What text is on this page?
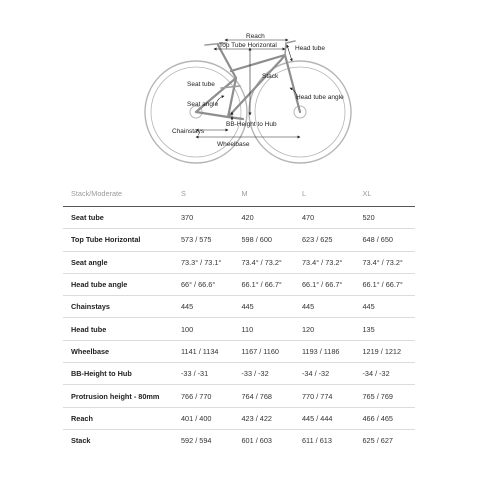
Reach
Top Tube Horizontal	Head tube
Stack
Seat tube
Seat angle
Head tube angle
BB-Height to Hub
Chainstays
Wheelbase
Stack/Moderate	S	M	L	XL
Seat tube	370	420	470	520
Top Tube Horizontal	573 / 575	598 / 600	623 / 625	648 / 650
Seat angle	73.3° / 73.1°	73.4° / 73.2°	73.4° / 73.2°	73.4° / 73.2°
Head tube angle	66° / 66.6°	66.1° / 66.7°	66.1° / 66.7°	66.1° / 66.7°
Chainstays	445	445	445	445
Head tube	100	110	120	135
Wheelbase	1141 / 1134	1167 / 1160	1193 / 1186	1219 / 1212
BB-Height to Hub	-33 / -31	-33 / -32	-34 / -32	-34 / -32
Protrusion height - 80mm	766 / 770	764 / 768	770 / 774	765 / 769
Reach	401 / 400	423 / 422	445 / 444	466 / 465
Stack	592 / 594	601 / 603	611 / 613	625 / 627
